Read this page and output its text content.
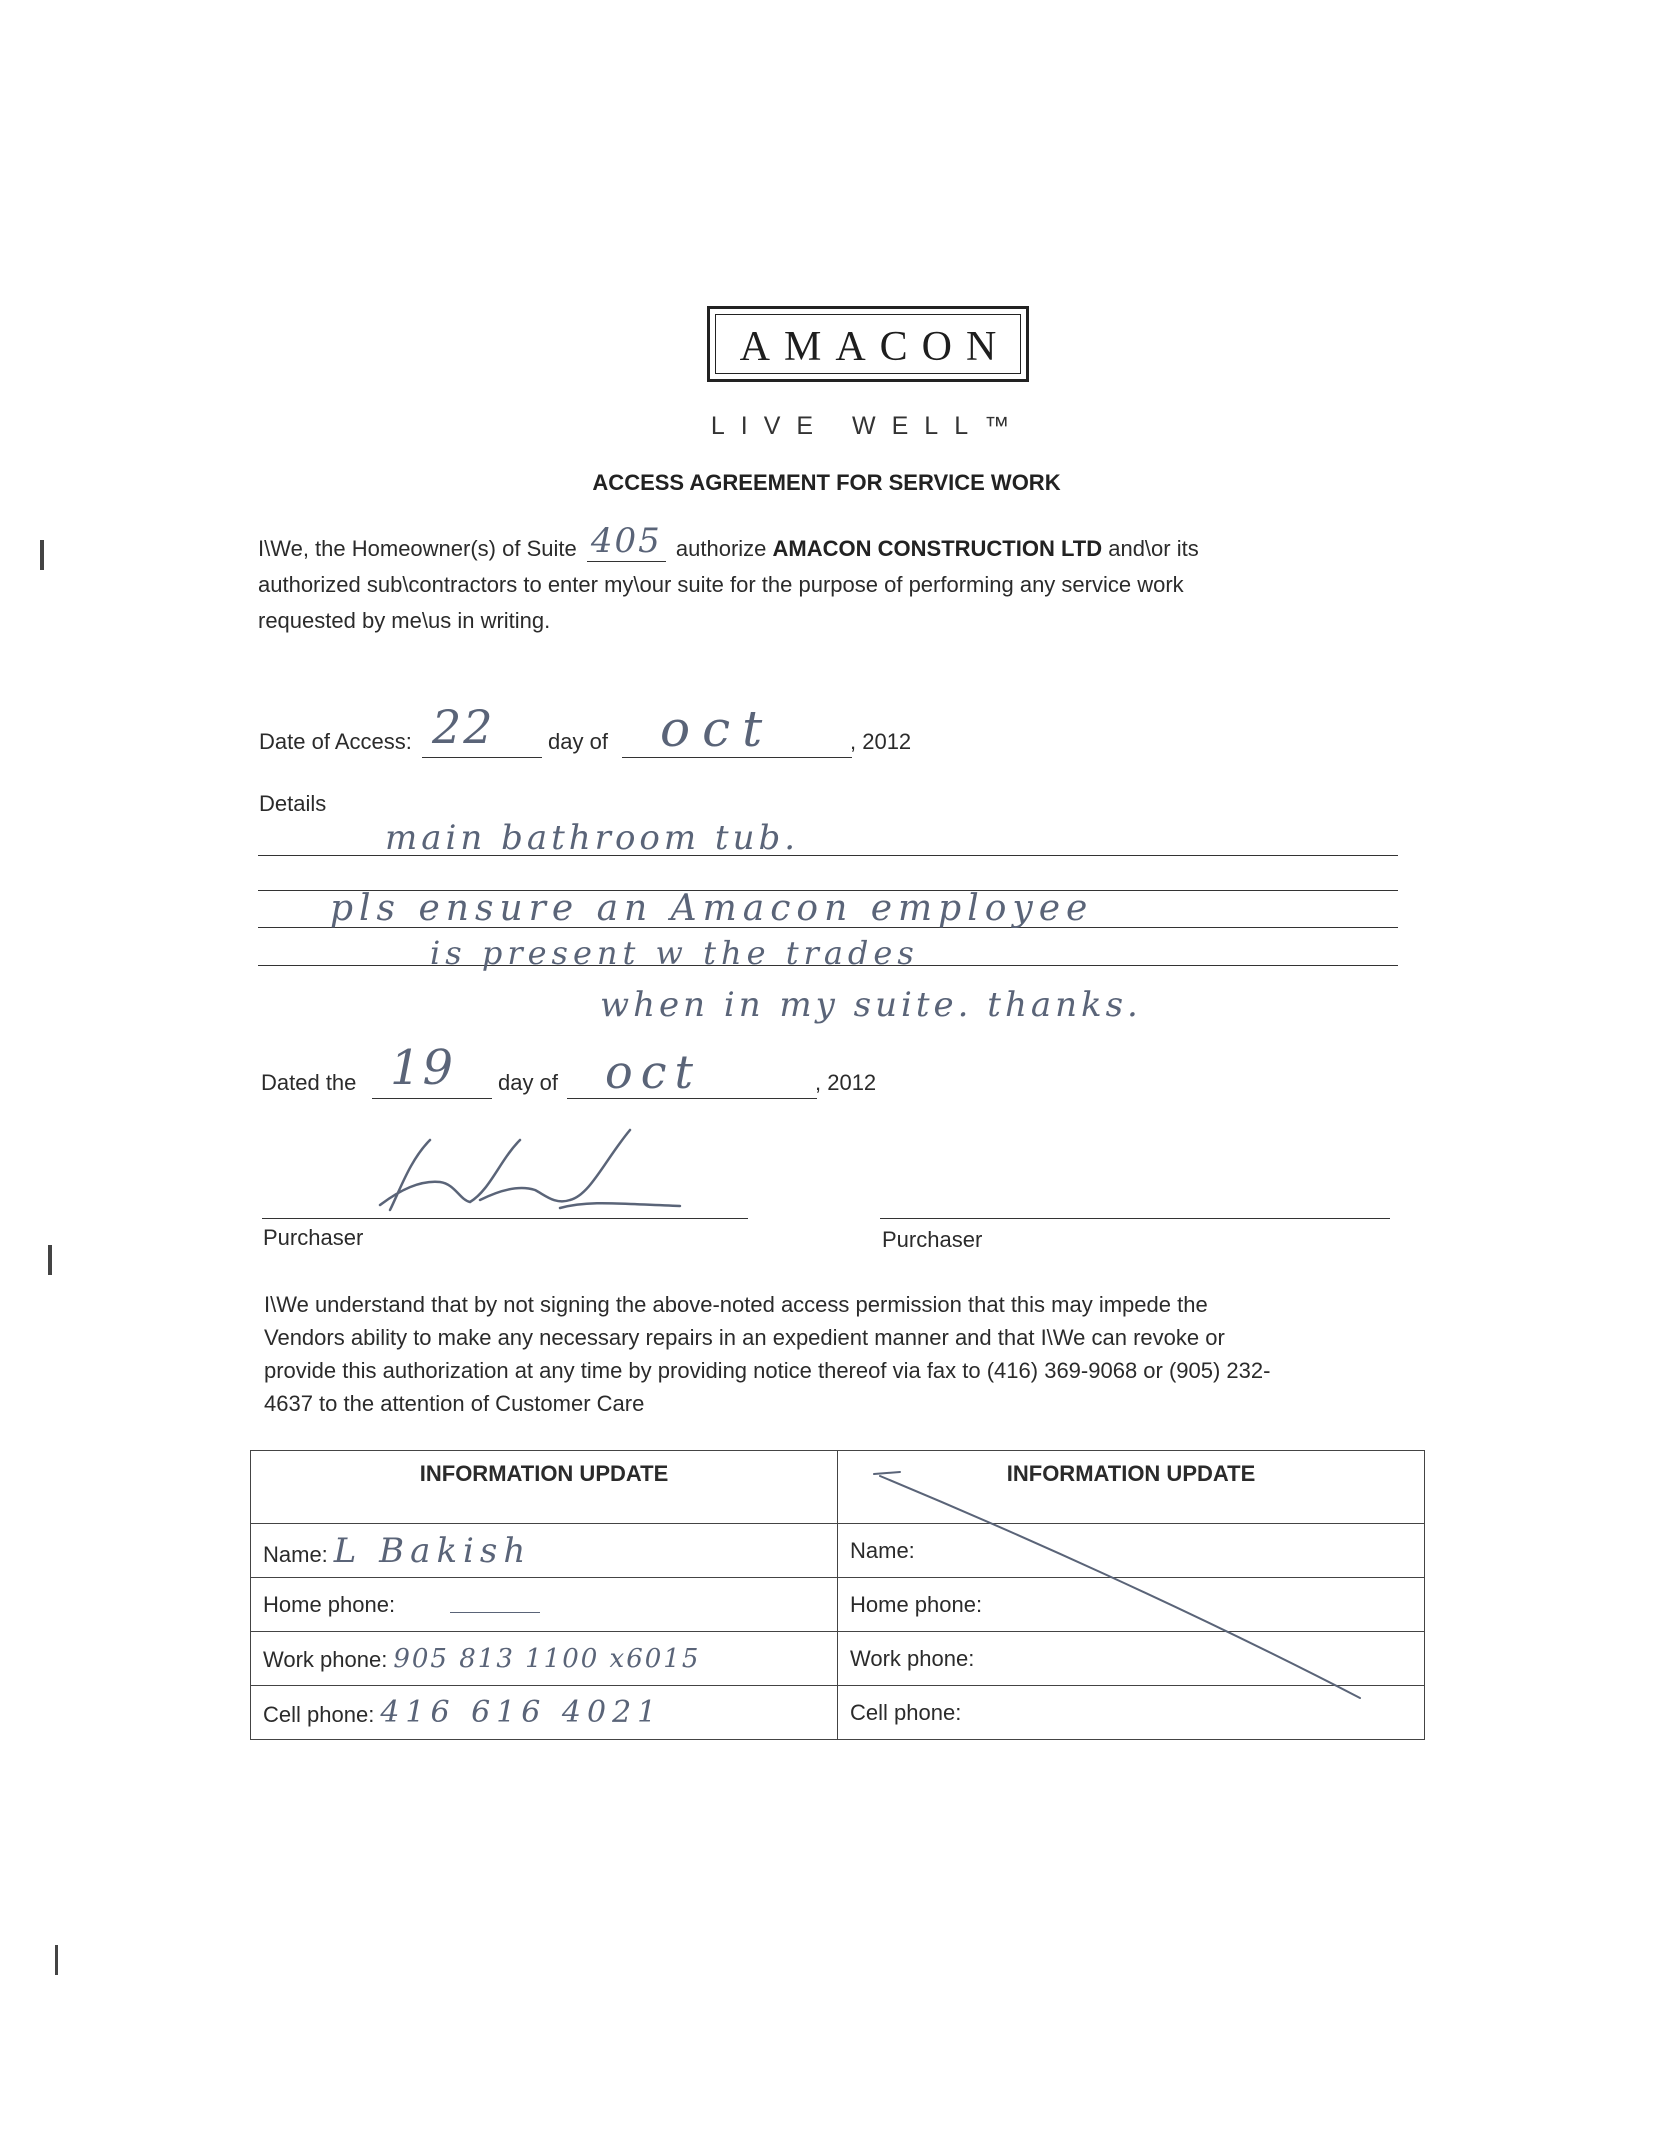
AMACON
LIVE WELL™
ACCESS AGREEMENT FOR SERVICE WORK
I\We, the Homeowner(s) of Suite 405 authorize AMACON CONSTRUCTION LTD and\or its
authorized sub\contractors to enter my\our suite for the purpose of performing any service work
requested by me\us in writing.
Date of Access: 22 day of oct	, 2012
Details
main bathroom tub.
pls ensure an Amacon employee
is present w the trades
when in my suite. thanks.
Dated the 19 day of oct	, 2012
Purchaser	Purchaser
I\We understand that by not signing the above-noted access permission that this may impede the
Vendors ability to make any necessary repairs in an expedient manner and that I\We can revoke or
provide this authorization at any time by providing notice thereof via fax to (416) 369-9068 or (905) 232-
4637 to the attention of Customer Care
INFORMATION UPDATE	INFORMATION UPDATE
Name: L Bakish	Name:
Home phone:	Home phone:
Work phone: 905 813 1100 x6015	Work phone:
Cell phone: 416 616 4021	Cell phone:
